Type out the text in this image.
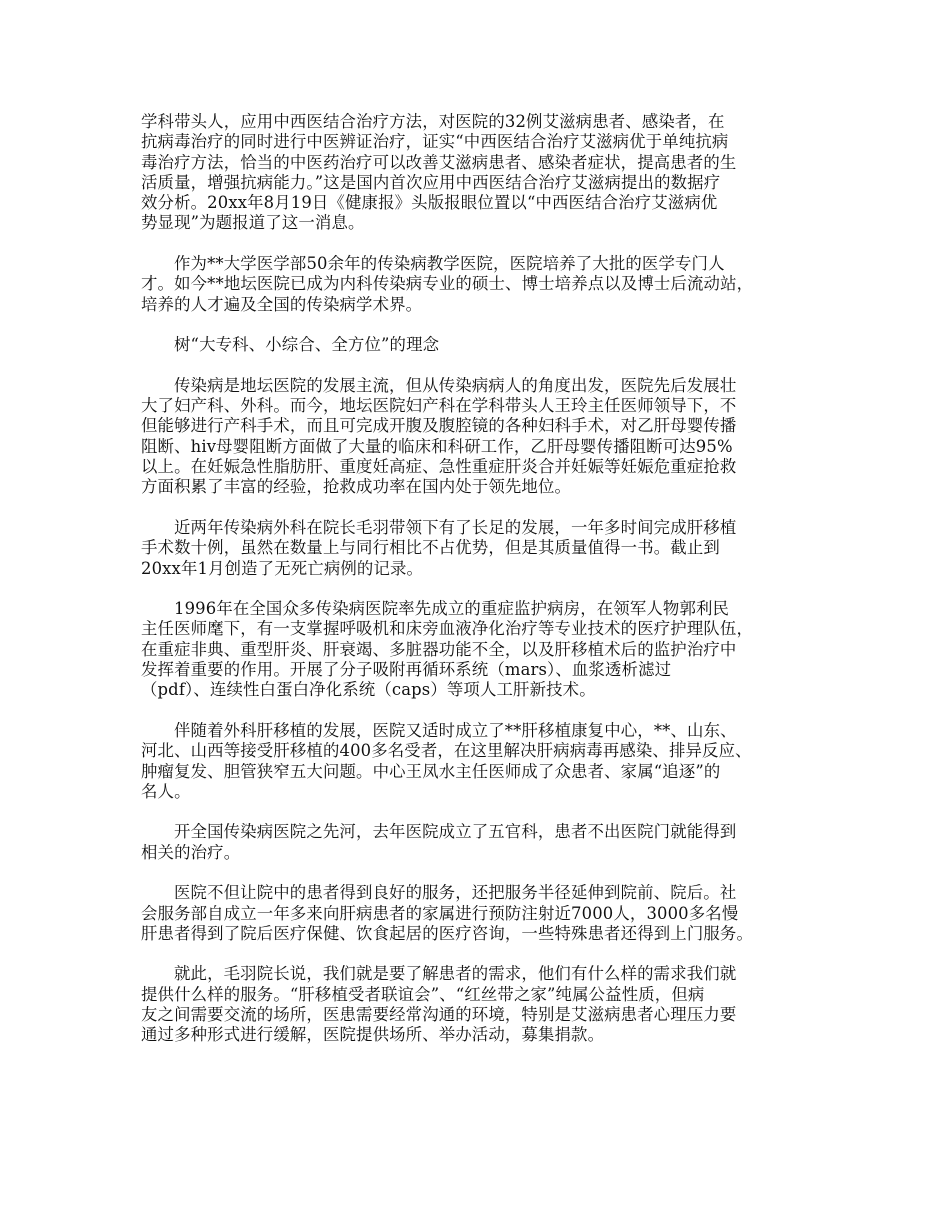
学科带头人，应用中西医结合治疗方法，对医院的32例艾滋病患者、感染者，在
抗病毒治疗的同时进行中医辨证治疗，证实“中西医结合治疗艾滋病优于单纯抗病
毒治疗方法，恰当的中医药治疗可以改善艾滋病患者、感染者症状，提高患者的生
活质量，增强抗病能力。”这是国内首次应用中西医结合治疗艾滋病提出的数据疗
效分析。20xx年8月19日《健康报》头版报眼位置以“中西医结合治疗艾滋病优
势显现”为题报道了这一消息。

作为**大学医学部50余年的传染病教学医院，医院培养了大批的医学专门人
才。如今**地坛医院已成为内科传染病专业的硕士、博士培养点以及博士后流动站，
培养的人才遍及全国的传染病学术界。

树“大专科、小综合、全方位”的理念

传染病是地坛医院的发展主流，但从传染病病人的角度出发，医院先后发展壮
大了妇产科、外科。而今，地坛医院妇产科在学科带头人王玲主任医师领导下，不
但能够进行产科手术，而且可完成开腹及腹腔镜的各种妇科手术，对乙肝母婴传播
阻断、hiv母婴阻断方面做了大量的临床和科研工作，乙肝母婴传播阻断可达95%
以上。在妊娠急性脂肪肝、重度妊高症、急性重症肝炎合并妊娠等妊娠危重症抢救
方面积累了丰富的经验，抢救成功率在国内处于领先地位。

近两年传染病外科在院长毛羽带领下有了长足的发展，一年多时间完成肝移植
手术数十例，虽然在数量上与同行相比不占优势，但是其质量值得一书。截止到
20xx年1月创造了无死亡病例的记录。

1996年在全国众多传染病医院率先成立的重症监护病房，在领军人物郭利民
主任医师麾下，有一支掌握呼吸机和床旁血液净化治疗等专业技术的医疗护理队伍，
在重症非典、重型肝炎、肝衰竭、多脏器功能不全，以及肝移植术后的监护治疗中
发挥着重要的作用。开展了分子吸附再循环系统（mars）、血浆透析滤过
（pdf）、连续性白蛋白净化系统（caps）等项人工肝新技术。

伴随着外科肝移植的发展，医院又适时成立了**肝移植康复中心，**、山东、
河北、山西等接受肝移植的400多名受者，在这里解决肝病病毒再感染、排异反应、
肿瘤复发、胆管狭窄五大问题。中心王凤水主任医师成了众患者、家属“追逐”的
名人。

开全国传染病医院之先河，去年医院成立了五官科，患者不出医院门就能得到
相关的治疗。

医院不但让院中的患者得到良好的服务，还把服务半径延伸到院前、院后。社
会服务部自成立一年多来向肝病患者的家属进行预防注射近7000人，3000多名慢
肝患者得到了院后医疗保健、饮食起居的医疗咨询，一些特殊患者还得到上门服务。

就此，毛羽院长说，我们就是要了解患者的需求，他们有什么样的需求我们就
提供什么样的服务。“肝移植受者联谊会”、“红丝带之家”纯属公益性质，但病
友之间需要交流的场所，医患需要经常沟通的环境，特别是艾滋病患者心理压力要
通过多种形式进行缓解，医院提供场所、举办活动，募集捐款。
